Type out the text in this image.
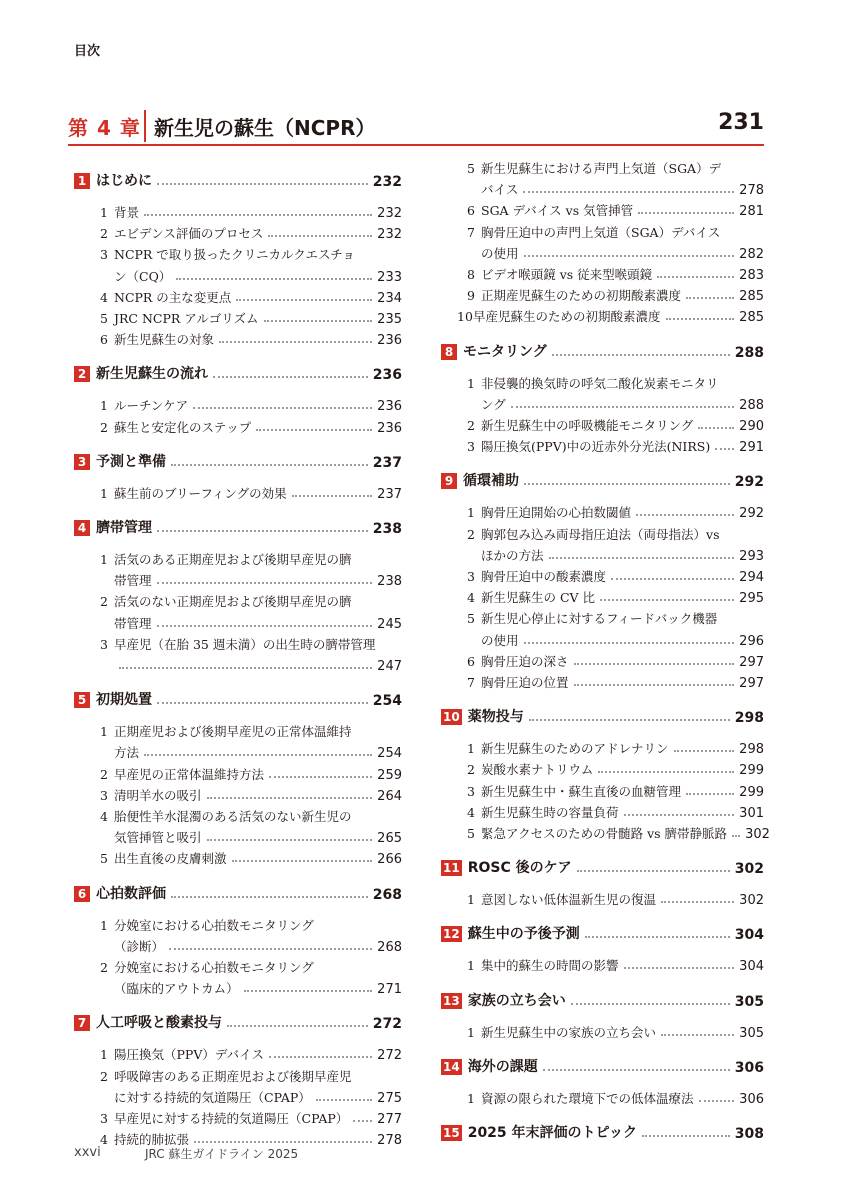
目次
第 4 章 新生児の蘇生（NCPR）	231
1 はじめに	232
1 背景	232
2 エビデンス評価のプロセス	232
3 NCPR で取り扱ったクリニカルクエスチョ
ン（CQ）	233
4 NCPR の主な変更点	234
5 JRC NCPR アルゴリズム	235
6 新生児蘇生の対象	236
2 新生児蘇生の流れ	236
1 ルーチンケア	236
2 蘇生と安定化のステップ	236
3 予測と準備	237
1 蘇生前のブリーフィングの効果	237
4 臍帯管理	238
1 活気のある正期産児および後期早産児の臍
帯管理	238
2 活気のない正期産児および後期早産児の臍
帯管理	245
3 早産児（在胎 35 週未満）の出生時の臍帯管理
247
5 初期処置	254
1 正期産児および後期早産児の正常体温維持
方法	254
2 早産児の正常体温維持方法	259
3 清明羊水の吸引	264
4 胎便性羊水混濁のある活気のない新生児の
気管挿管と吸引	265
5 出生直後の皮膚刺激	266
6 心拍数評価	268
1 分娩室における心拍数モニタリング
（診断）	268
2 分娩室における心拍数モニタリング
（臨床的アウトカム）	271
7 人工呼吸と酸素投与	272
1 陽圧換気（PPV）デバイス	272
2 呼吸障害のある正期産児および後期早産児
に対する持続的気道陽圧（CPAP）	275
3 早産児に対する持続的気道陽圧（CPAP） 277
4 持続的肺拡張	278
5 新生児蘇生における声門上気道（SGA）デ
バイス	278
6 SGA デバイス vs 気管挿管	281
7 胸骨圧迫中の声門上気道（SGA）デバイス
の使用	282
8 ビデオ喉頭鏡 vs 従来型喉頭鏡	283
9 正期産児蘇生のための初期酸素濃度	285
10早産児蘇生のための初期酸素濃度	285
8 モニタリング	288
1 非侵襲的換気時の呼気二酸化炭素モニタリ
ング	288
2 新生児蘇生中の呼吸機能モニタリング	290
3 陽圧換気(PPV)中の近赤外分光法(NIRS) 291
9 循環補助	292
1 胸骨圧迫開始の心拍数閾値	292
2 胸郭包み込み両母指圧迫法（両母指法）vs
ほかの方法	293
3 胸骨圧迫中の酸素濃度	294
4 新生児蘇生の CV 比	295
5 新生児心停止に対するフィードバック機器
の使用	296
6 胸骨圧迫の深さ	297
7 胸骨圧迫の位置	297
10 薬物投与	298
1 新生児蘇生のためのアドレナリン	298
2 炭酸水素ナトリウム	299
3 新生児蘇生中・蘇生直後の血糖管理	299
4 新生児蘇生時の容量負荷	301
5 緊急アクセスのための骨髄路 vs 臍帯静脈路 302
11 ROSC 後のケア	302
1 意図しない低体温新生児の復温	302
12 蘇生中の予後予測	304
1 集中的蘇生の時間の影響	304
13 家族の立ち会い	305
1 新生児蘇生中の家族の立ち会い	305
14 海外の課題	306
1 資源の限られた環境下での低体温療法	306
15 2025 年末評価のトピック	308
xxvi	JRC 蘇生ガイドライン 2025
